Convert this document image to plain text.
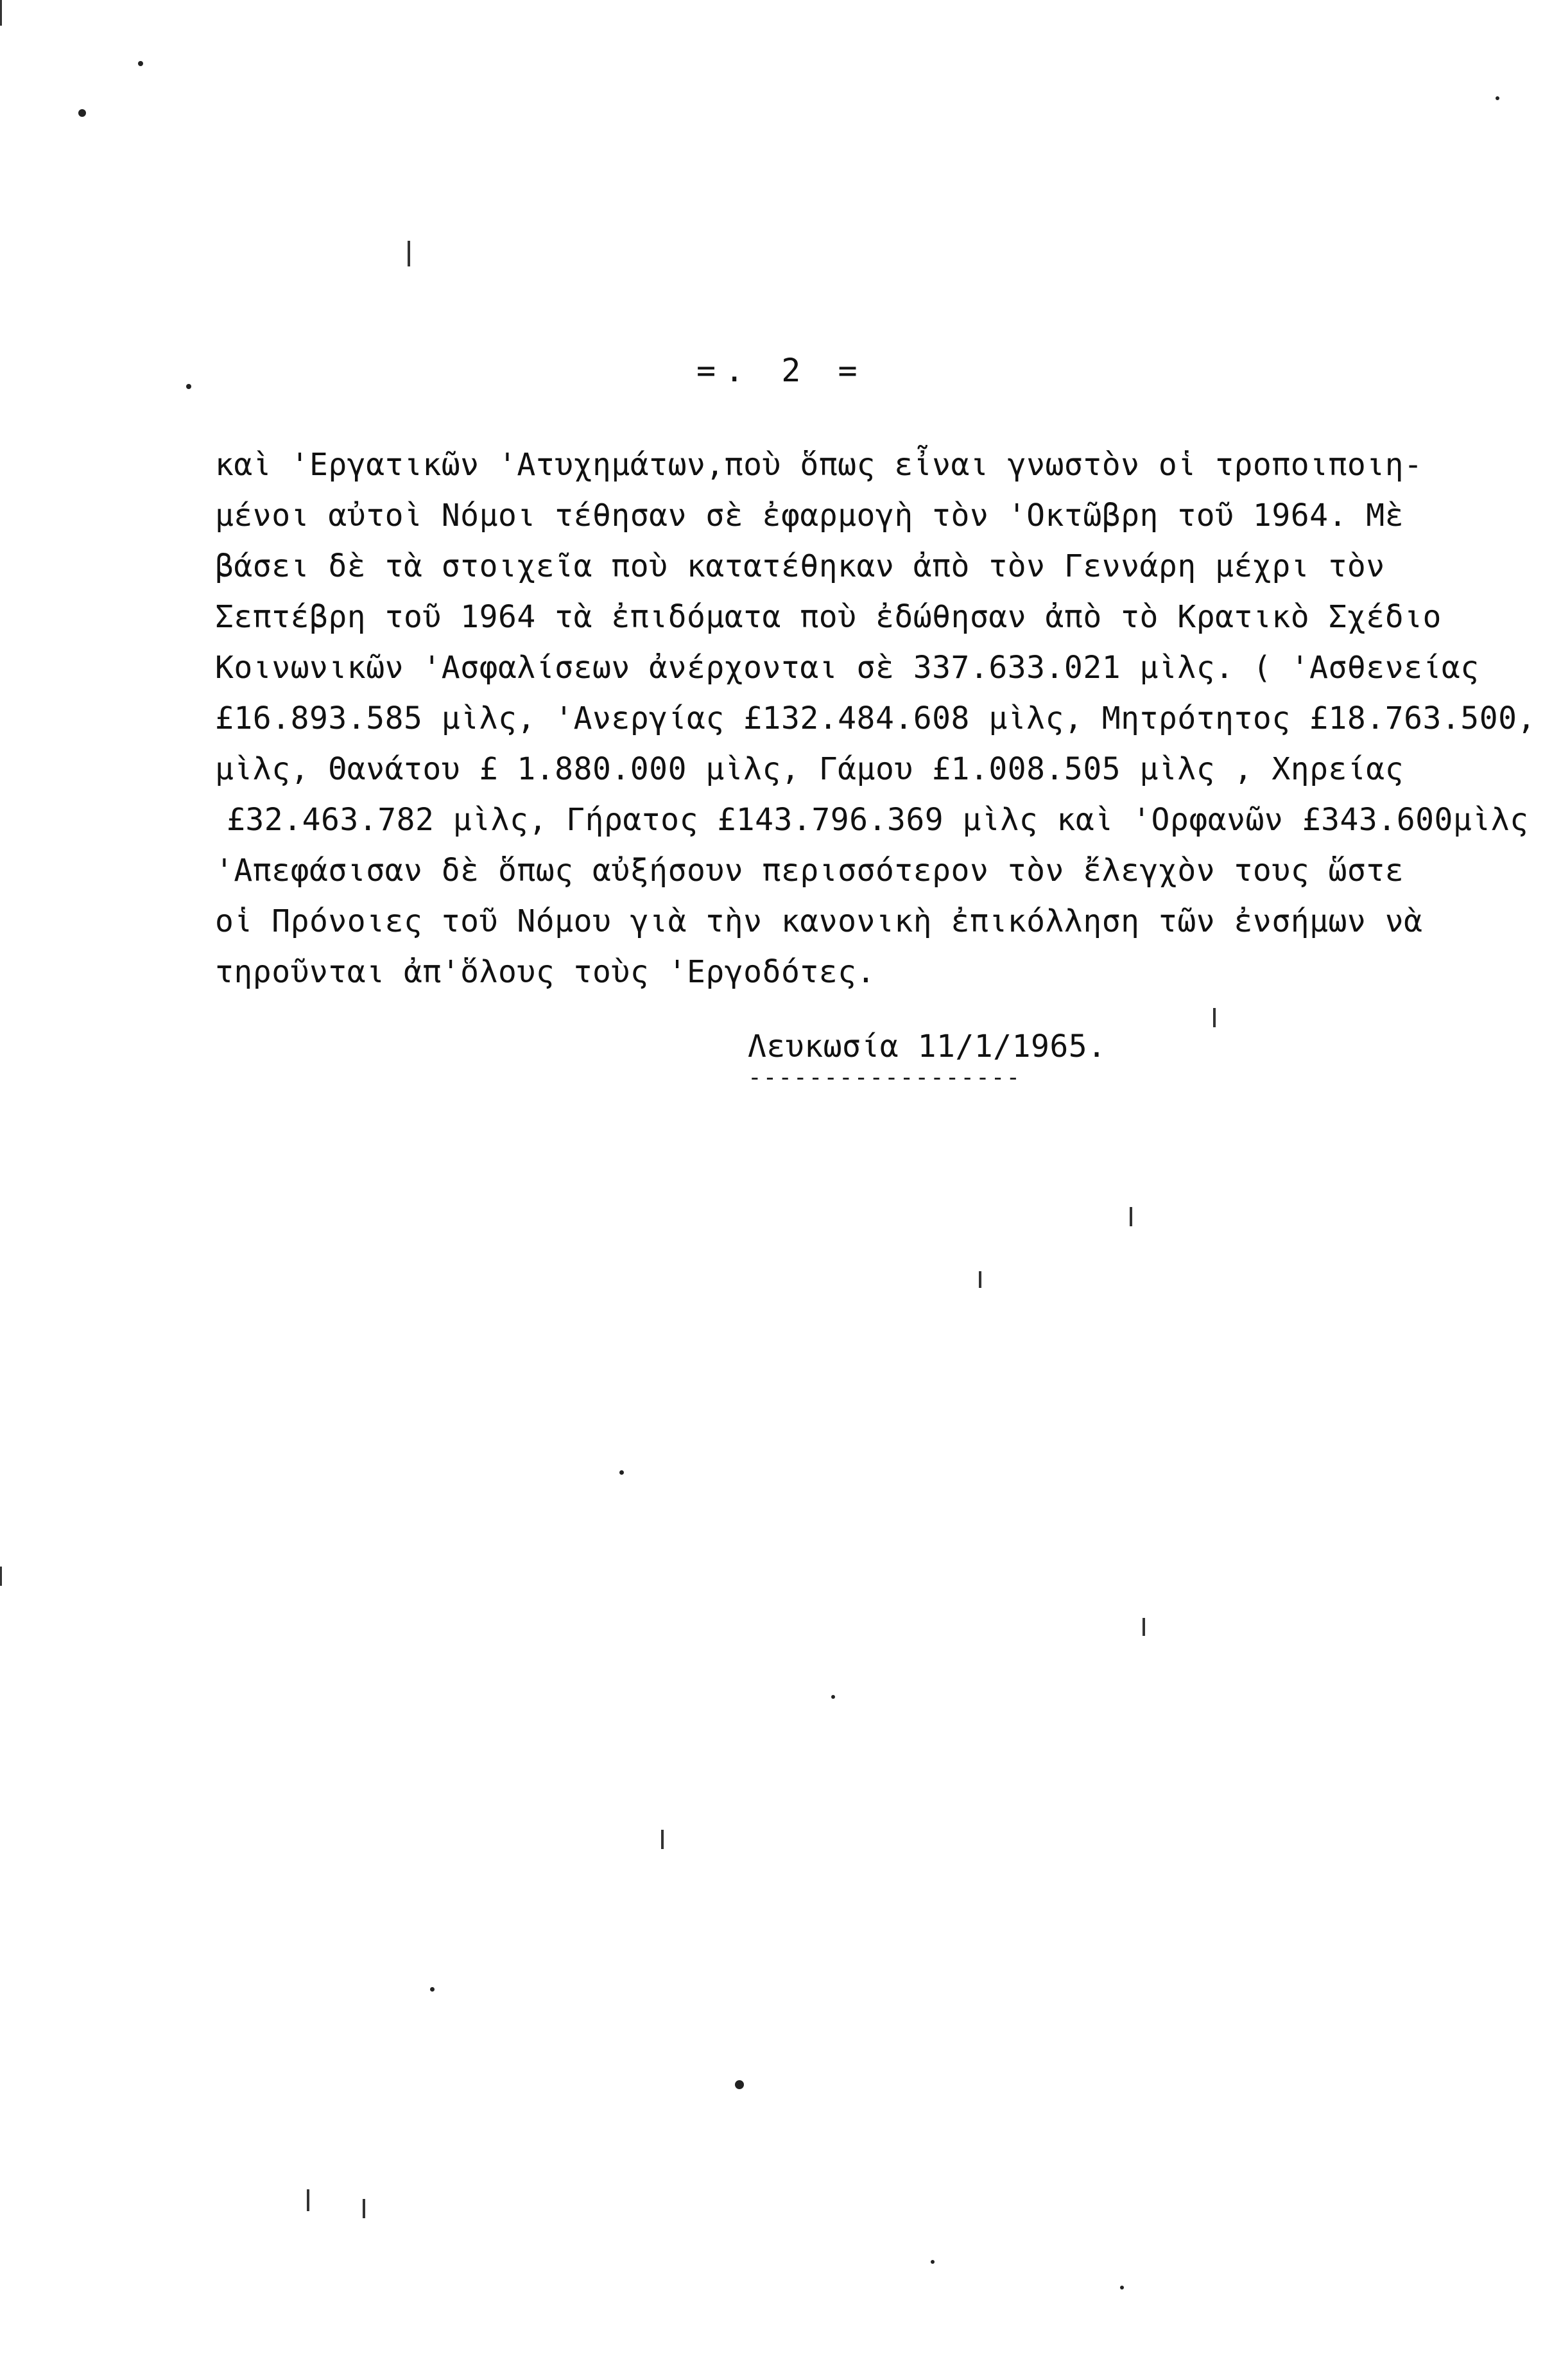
=. 2 =
καὶ 'Εργατικῶν 'Ατυχημάτων,ποὺ ὅπως εἶναι γνωστὸν οἱ τροποιποιη-
μένοι αὐτοὶ Νόμοι τέθησαν σὲ ἐφαρμογὴ τὸν 'Οκτῶβρη τοῦ 1964. Μὲ
βάσει δὲ τὰ στοιχεῖα ποὺ κατατέθηκαν ἀπὸ τὸν Γεννάρη μέχρι τὸν
Σεπτέβρη τοῦ 1964 τὰ ἐπιδόματα ποὺ ἐδώθησαν ἀπὸ τὸ Κρατικὸ Σχέδιο
Κοινωνικῶν 'Ασφαλίσεων ἀνέρχονται σὲ 337.633.021 μὶλς. ( 'Ασθενείας
£16.893.585 μὶλς, 'Ανεργίας £132.484.608 μὶλς, Μητρότητος £18.763.500,
μὶλς, Θανάτου £ 1.880.000 μὶλς, Γάμου £1.008.505 μὶλς , Χηρείας
£32.463.782 μὶλς, Γήρατος £143.796.369 μὶλς καὶ 'Ορφανῶν £343.600μὶλς
'Απεφάσισαν δὲ ὅπως αὐξήσουν περισσότερον τὸν ἔλεγχὸν τους ὥστε
οἱ Πρόνοιες τοῦ Νόμου γιὰ τὴν κανονικὴ ἐπικόλληση τῶν ἐνσήμων νὰ
τηροῦνται ἀπ'ὅλους τοὺς 'Εργοδότες.
Λευκωσία 11/1/1965.
------------------
